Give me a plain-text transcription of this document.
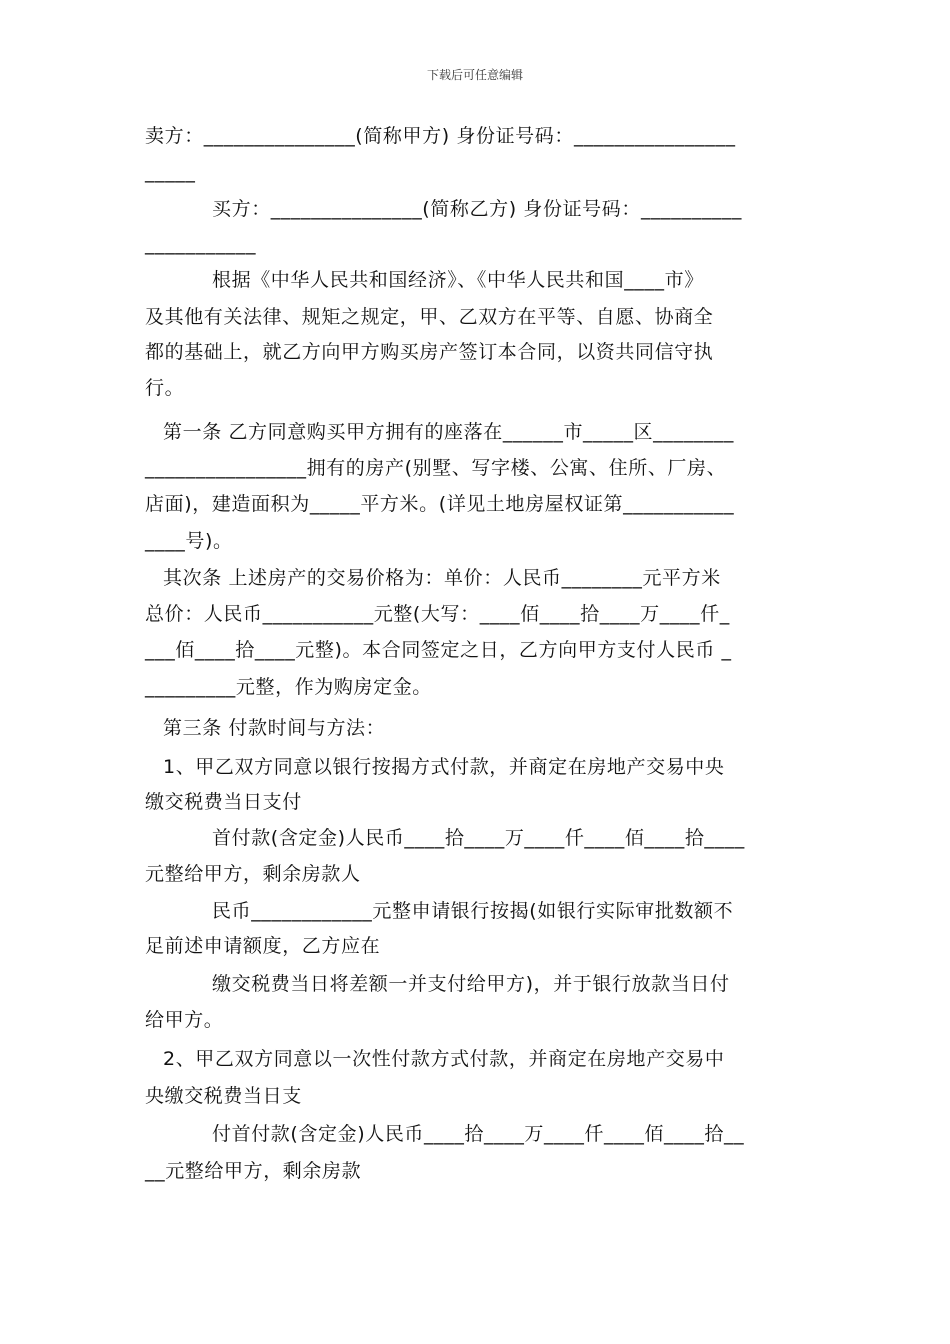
下载后可任意编辑
卖方：_______________(简称甲方) 身份证号码：________________
_____
买方：_______________(简称乙方) 身份证号码：__________
___________
根据《中华人民共和国经济》、《中华人民共和国____市》
及其他有关法律、规矩之规定，甲、乙双方在平等、自愿、协商全
都的基础上，就乙方向甲方购买房产签订本合同，以资共同信守执
行。
第一条 乙方同意购买甲方拥有的座落在______市_____区________
________________拥有的房产(别墅、写字楼、公寓、住所、厂房、
店面)，建造面积为_____平方米。(详见土地房屋权证第___________
____号)。
其次条 上述房产的交易价格为：单价：人民币________元平方米
总价：人民币___________元整(大写：____佰____拾____万____仟_
___佰____拾____元整)。本合同签定之日，乙方向甲方支付人民币 _
_________元整，作为购房定金。
第三条 付款时间与方法：
1、甲乙双方同意以银行按揭方式付款，并商定在房地产交易中央
缴交税费当日支付
首付款(含定金)人民币____拾____万____仟____佰____拾____
元整给甲方，剩余房款人
民币____________元整申请银行按揭(如银行实际审批数额不
足前述申请额度，乙方应在
缴交税费当日将差额一并支付给甲方)，并于银行放款当日付
给甲方。
2、甲乙双方同意以一次性付款方式付款，并商定在房地产交易中
央缴交税费当日支
付首付款(含定金)人民币____拾____万____仟____佰____拾__
__元整给甲方，剩余房款
